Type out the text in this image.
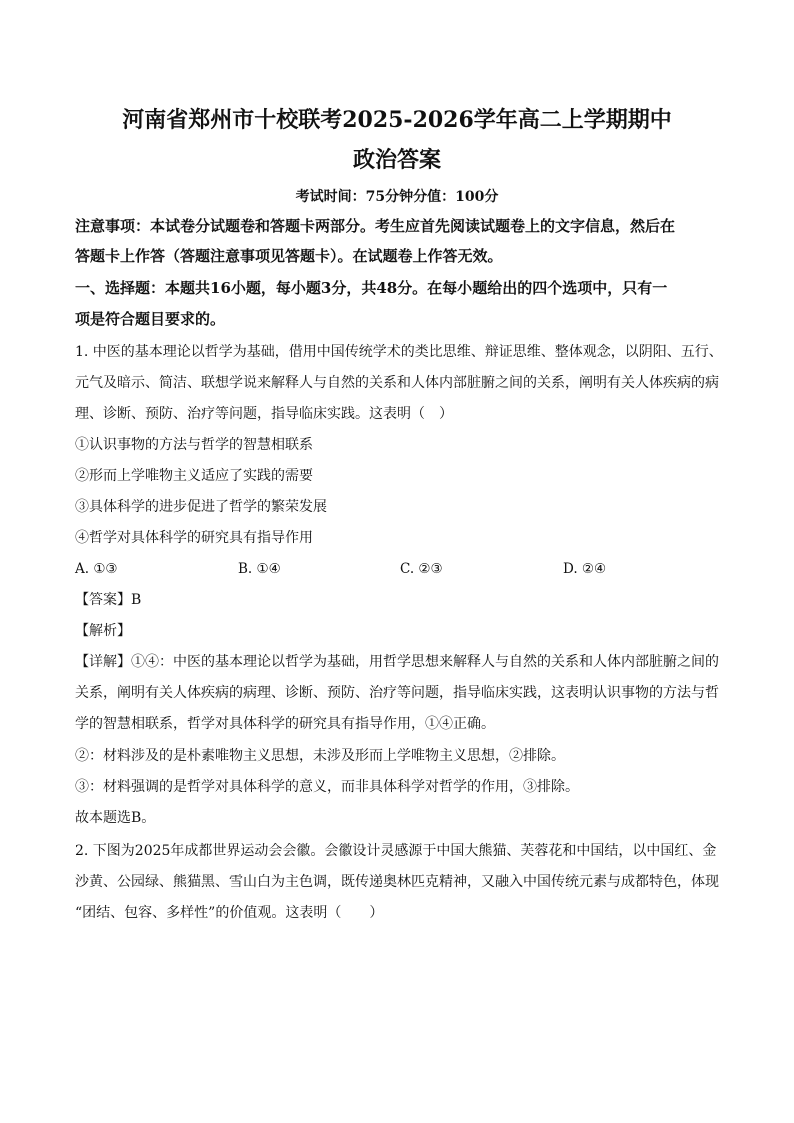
河南省郑州市十校联考2025-2026学年高二上学期期中
政治答案
考试时间：75分钟分值：100分
注意事项：本试卷分试题卷和答题卡两部分。考生应首先阅读试题卷上的文字信息，然后在
答题卡上作答（答题注意事项见答题卡）。在试题卷上作答无效。
一、选择题：本题共16小题，每小题3分，共48分。在每小题给出的四个选项中，只有一
项是符合题目要求的。
1. 中医的基本理论以哲学为基础，借用中国传统学术的类比思维、辩证思维、整体观念，以阴阳、五行、
元气及暗示、简洁、联想学说来解释人与自然的关系和人体内部脏腑之间的关系，阐明有关人体疾病的病
理、诊断、预防、治疗等问题，指导临床实践。这表明（　）
①认识事物的方法与哲学的智慧相联系
②形而上学唯物主义适应了实践的需要
③具体科学的进步促进了哲学的繁荣发展
④哲学对具体科学的研究具有指导作用
A. ①③	B. ①④	C. ②③	D. ②④
【答案】B
【解析】
【详解】①④：中医的基本理论以哲学为基础，用哲学思想来解释人与自然的关系和人体内部脏腑之间的
关系，阐明有关人体疾病的病理、诊断、预防、治疗等问题，指导临床实践，这表明认识事物的方法与哲
学的智慧相联系，哲学对具体科学的研究具有指导作用，①④正确。
②：材料涉及的是朴素唯物主义思想，未涉及形而上学唯物主义思想，②排除。
③：材料强调的是哲学对具体科学的意义，而非具体科学对哲学的作用，③排除。
故本题选B。
2. 下图为2025年成都世界运动会会徽。会徽设计灵感源于中国大熊猫、芙蓉花和中国结，以中国红、金
沙黄、公园绿、熊猫黑、雪山白为主色调，既传递奥林匹克精神，又融入中国传统元素与成都特色，体现
“团结、包容、多样性”的价值观。这表明（　　）
